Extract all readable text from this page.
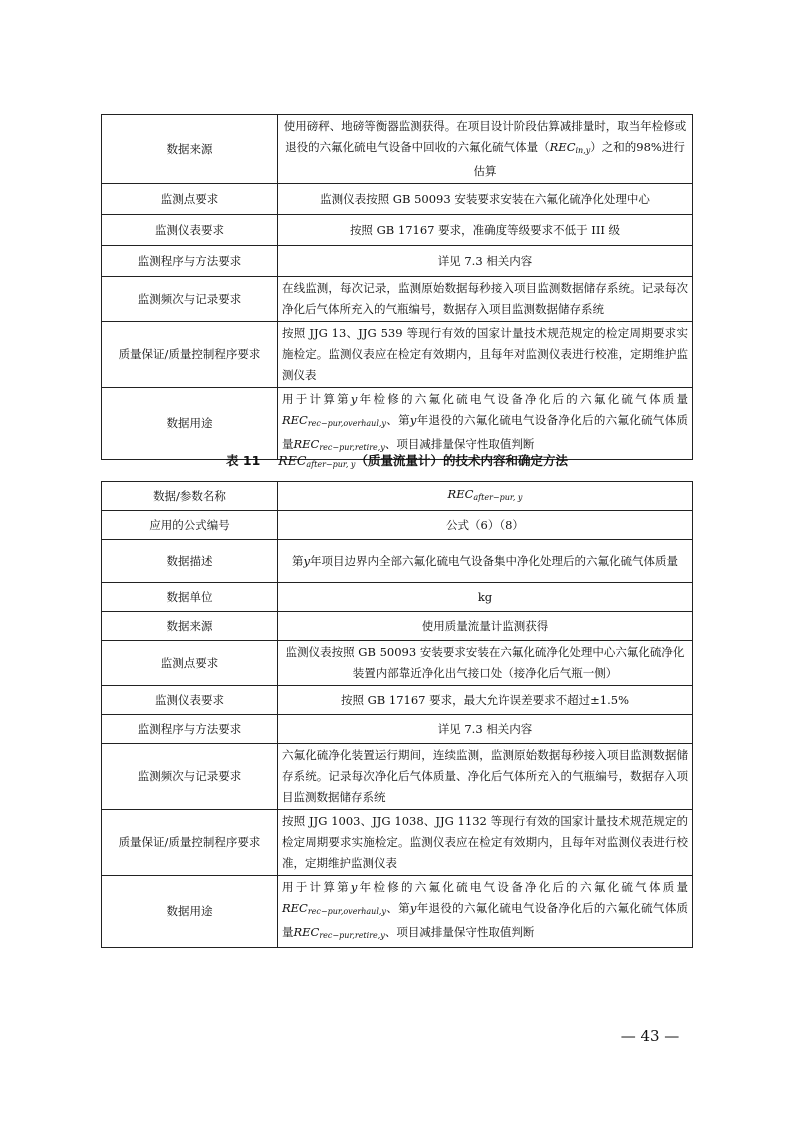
数据来源	使用磅秤、地磅等衡器监测获得。在项目设计阶段估算减排量时，取当年检修或退役的六氟化硫电气设备中回收的六氟化硫气体量$(REC_{in,y})$之和的98%进行估算
监测点要求	监测仪表按照 GB 50093 安装要求安装在六氟化硫净化处理中心
监测仪表要求	按照 GB 17167 要求，准确度等级要求不低于 III 级
监测程序与方法要求	详见 7.3 相关内容
监测频次与记录要求	在线监测，每次记录，监测原始数据每秒接入项目监测数据储存系统。记录每次净化后气体所充入的气瓶编号，数据存入项目监测数据储存系统
质量保证/质量控制程序要求	按照 JJG 13、JJG 539 等现行有效的国家计量技术规范规定的检定周期要求实施检定。监测仪表应在检定有效期内，且每年对监测仪表进行校准，定期维护监测仪表
数据用途	用于计算第y年检修的六氟化硫电气设备净化后的六氟化硫气体质量$REC_{rec-pur,overhaul,y}$、第y年退役的六氟化硫电气设备净化后的六氟化硫气体质量$REC_{rec-pur,retire,y}$、项目减排量保守性取值判断
表 11 $REC_{after-pur, y}$（质量流量计）的技术内容和确定方法
数据/参数名称	$REC_{after-pur, y}$
应用的公式编号	公式（6）（8）
数据描述	第y年项目边界内全部六氟化硫电气设备集中净化处理后的六氟化硫气体质量
数据单位	kg
数据来源	使用质量流量计监测获得
监测点要求	监测仪表按照 GB 50093 安装要求安装在六氟化硫净化处理中心六氟化硫净化装置内部靠近净化出气接口处（接净化后气瓶一侧）
监测仪表要求	按照 GB 17167 要求，最大允许误差要求不超过±1.5%
监测程序与方法要求	详见 7.3 相关内容
监测频次与记录要求	六氟化硫净化装置运行期间，连续监测，监测原始数据每秒接入项目监测数据储存系统。记录每次净化后气体质量、净化后气体所充入的气瓶编号，数据存入项目监测数据储存系统
质量保证/质量控制程序要求	按照 JJG 1003、JJG 1038、JJG 1132 等现行有效的国家计量技术规范规定的检定周期要求实施检定。监测仪表应在检定有效期内，且每年对监测仪表进行校准，定期维护监测仪表
数据用途	用于计算第y年检修的六氟化硫电气设备净化后的六氟化硫气体质量$REC_{rec-pur,overhaul,y}$、第y年退役的六氟化硫电气设备净化后的六氟化硫气体质量$REC_{rec-pur,retire,y}$、项目减排量保守性取值判断
— 43 —
